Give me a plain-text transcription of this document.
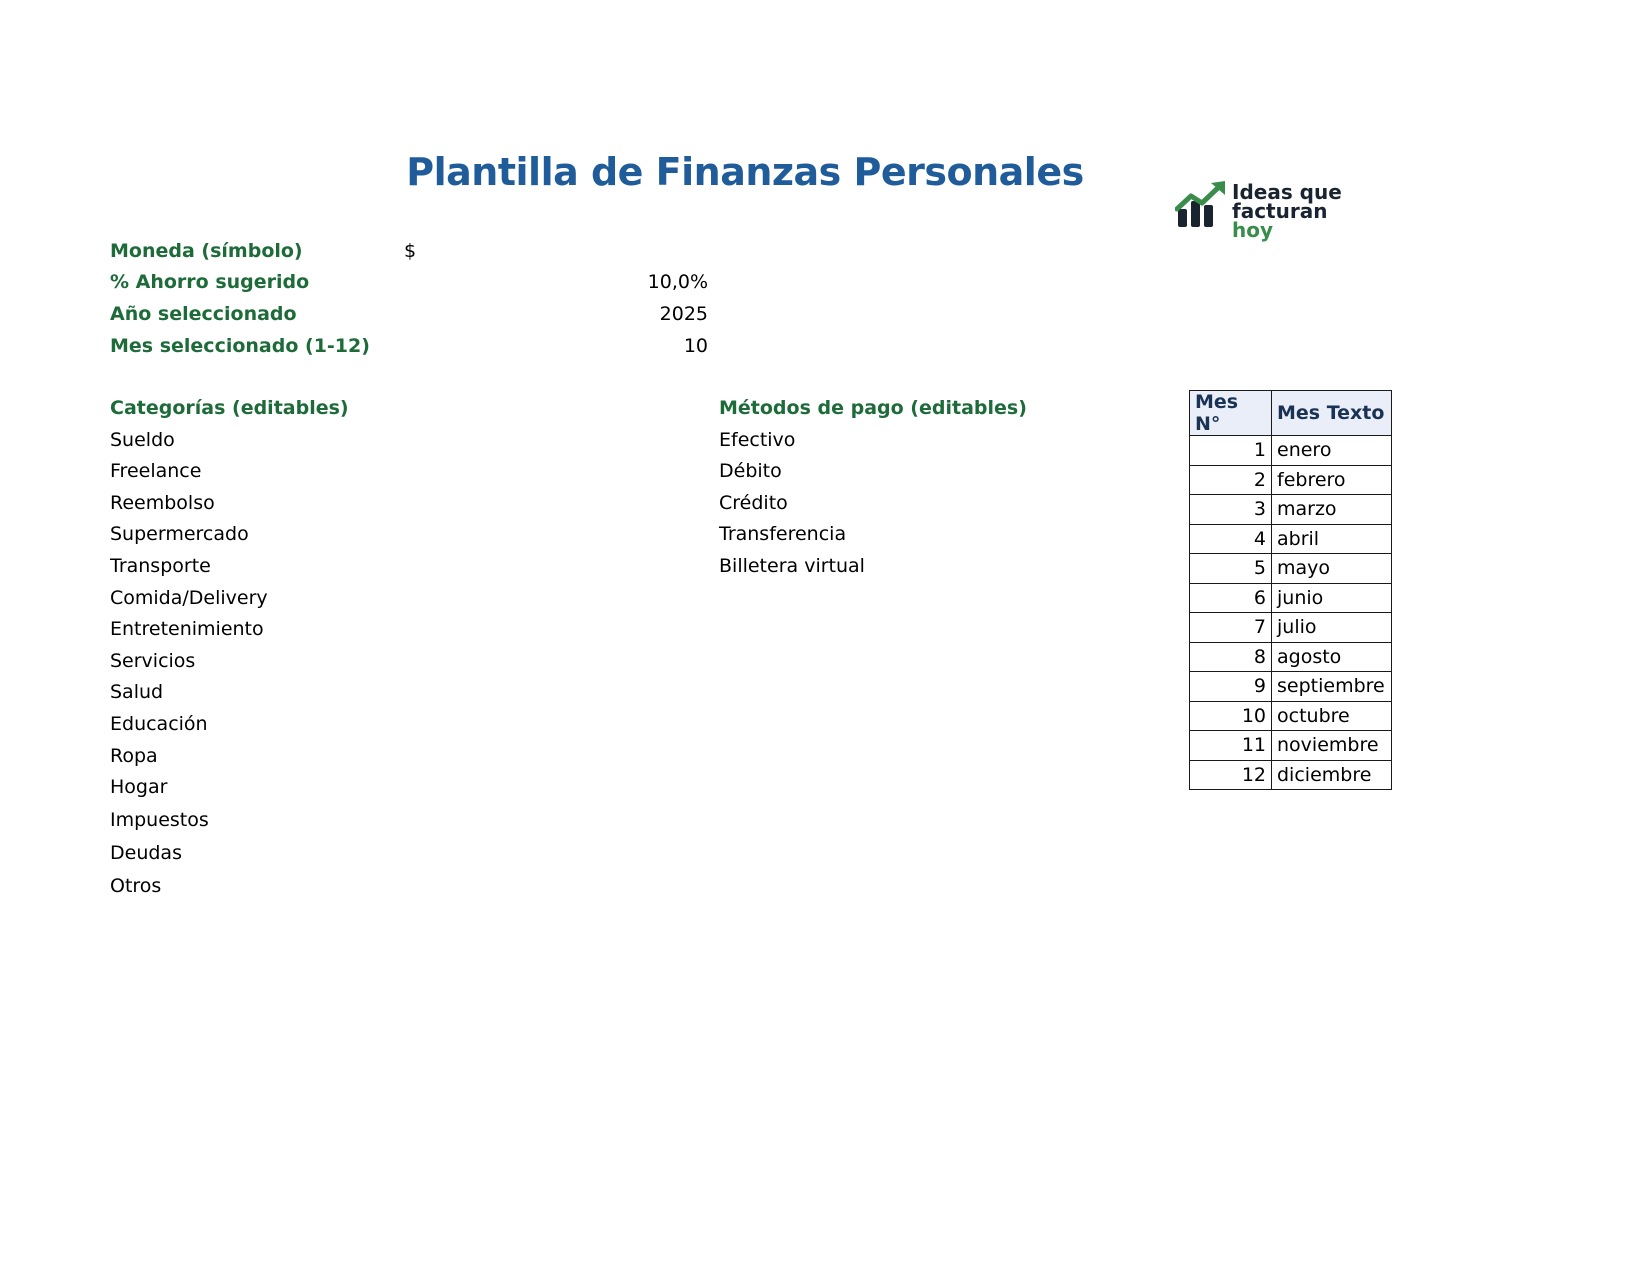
Plantilla de Finanzas Personales	Ideas que
facturan
hoy
Moneda (símbolo)	$
% Ahorro sugerido	10,0%
Año seleccionado	2025
Mes seleccionado (1-12)	10
Categorías (editables)
Sueldo
Freelance
Reembolso
Supermercado
Transporte
Comida/Delivery
Entretenimiento
Servicios
Salud
Educación
Ropa
Hogar
Impuestos
Deudas
Otros
Métodos de pago (editables)
Efectivo
Débito
Crédito
Transferencia
Billetera virtual
Mes N°	Mes Texto
1	enero
2	febrero
3	marzo
4	abril
5	mayo
6	junio
7	julio
8	agosto
9	septiembre
10	octubre
11	noviembre
12	diciembre
